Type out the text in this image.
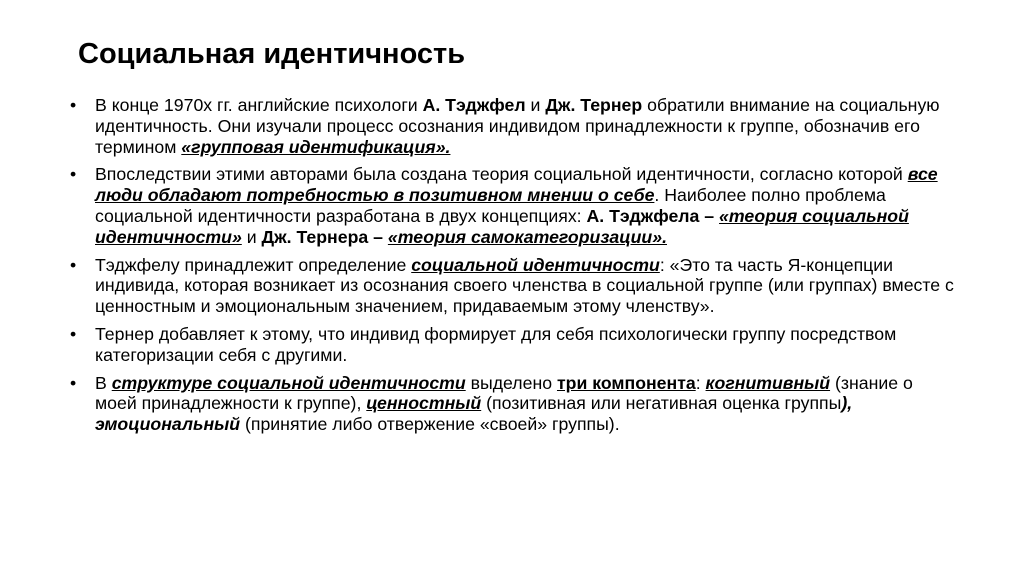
Социальная идентичность
• В конце 1970х гг. английские психологи А. Тэджфел и Дж. Тернер обратили внимание на социальную идентичность. Они изучали процесс осознания индивидом принадлежности к группе, обозначив его термином «групповая идентификация».
• Впоследствии этими авторами была создана теория социальной идентичности, согласно которой все люди обладают потребностью в позитивном мнении о себе. Наиболее полно проблема социальной идентичности разработана в двух концепциях: А. Тэджфела – «теория социальной идентичности» и Дж. Тернера – «теория самокатегоризации».
• Тэджфелу принадлежит определение социальной идентичности: «Это та часть Я-концепции индивида, которая возникает из осознания своего членства в социальной группе (или группах) вместе с ценностным и эмоциональным значением, придаваемым этому членству».
• Тернер добавляет к этому, что индивид формирует для себя психологически группу посредством категоризации себя с другими.
• В структуре социальной идентичности выделено три компонента: когнитивный (знание о моей принадлежности к группе), ценностный (позитивная или негативная оценка группы), эмоциональный (принятие либо отвержение «своей» группы).
